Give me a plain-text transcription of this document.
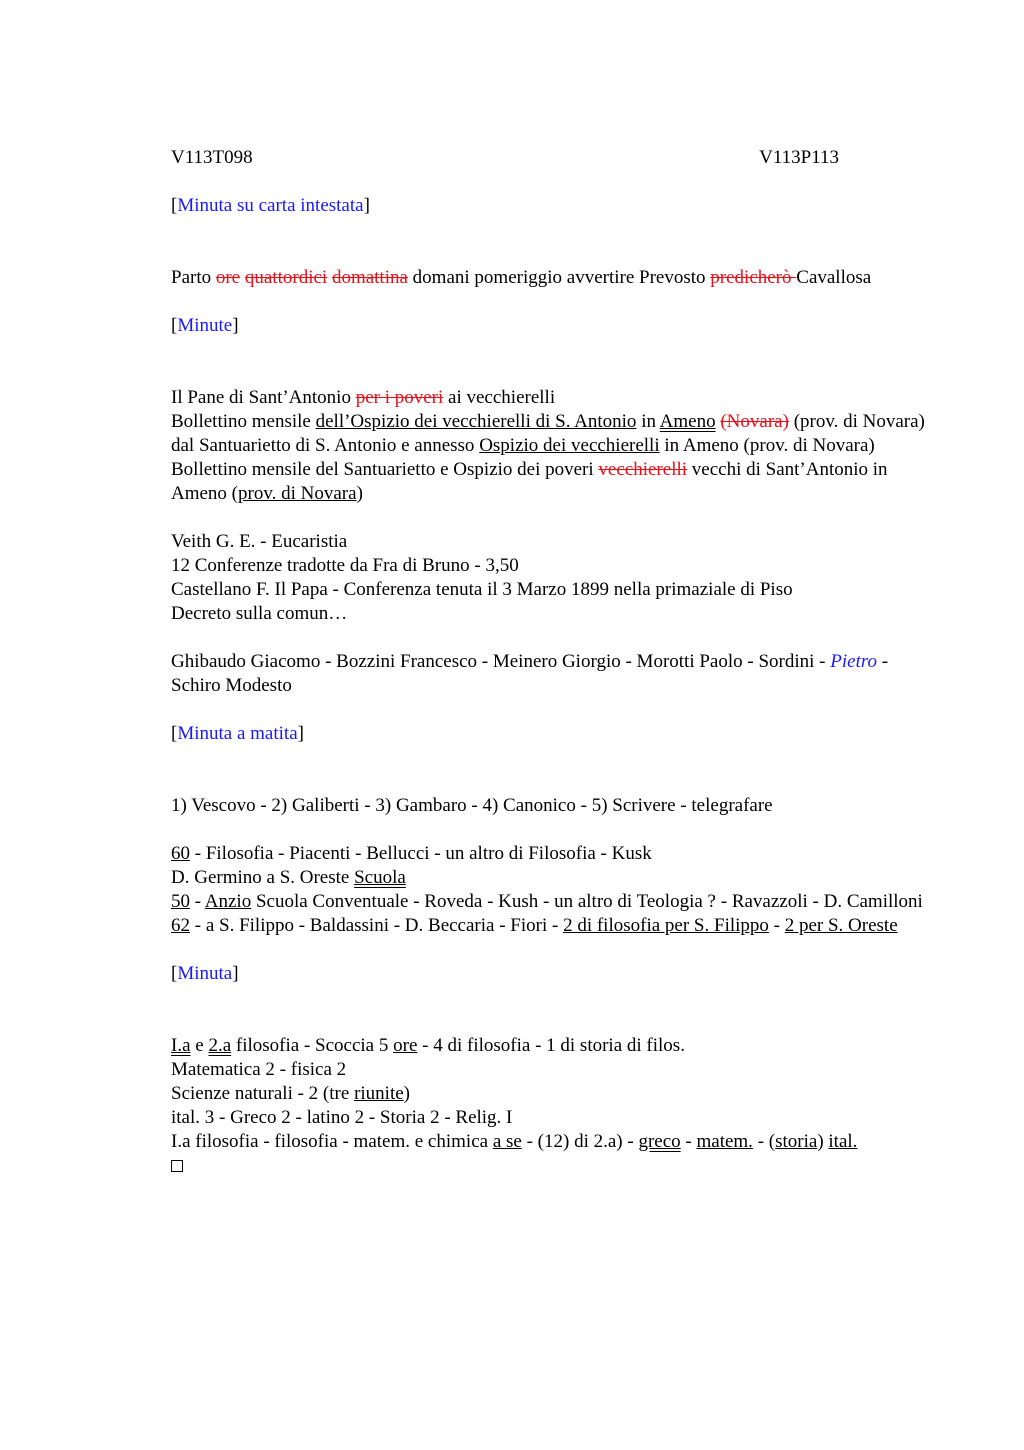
V113T098	V113P113
[Minuta su carta intestata]
Parto ore quattordici domattina domani pomeriggio avvertire Prevosto predicherò Cavallosa
[Minute]
Il Pane di Sant’Antonio per i poveri ai vecchierelli
Bollettino mensile dell’Ospizio dei vecchierelli di S. Antonio in Ameno (Novara) (prov. di Novara)
dal Santuarietto di S. Antonio e annesso Ospizio dei vecchierelli in Ameno (prov. di Novara)
Bollettino mensile del Santuarietto e Ospizio dei poveri vecchierelli vecchi di Sant’Antonio in Ameno (prov. di Novara)
Veith G. E. - Eucaristia
12 Conferenze tradotte da Fra di Bruno - 3,50
Castellano F. Il Papa - Conferenza tenuta il 3 Marzo 1899 nella primaziale di Piso
Decreto sulla comun…
Ghibaudo Giacomo - Bozzini Francesco - Meinero Giorgio - Morotti Paolo - Sordini - Pietro - Schiro Modesto
[Minuta a matita]
1) Vescovo - 2) Galiberti - 3) Gambaro - 4) Canonico - 5) Scrivere - telegrafare
60 - Filosofia - Piacenti - Bellucci - un altro di Filosofia - Kusk
D. Germino a S. Oreste Scuola
50 - Anzio Scuola Conventuale - Roveda - Kush - un altro di Teologia ? - Ravazzoli - D. Camilloni
62 - a S. Filippo - Baldassini - D. Beccaria - Fiori - 2 di filosofia per S. Filippo - 2 per S. Oreste
[Minuta]
I.a e 2.a filosofia - Scoccia 5 ore - 4 di filosofia - 1 di storia di filos.
Matematica 2 - fisica 2
Scienze naturali - 2 (tre riunite)
ital. 3 - Greco 2 - latino 2 - Storia 2 - Relig. I
I.a filosofia - filosofia - matem. e chimica a se - (12) di 2.a) - greco - matem. - (storia) ital.
